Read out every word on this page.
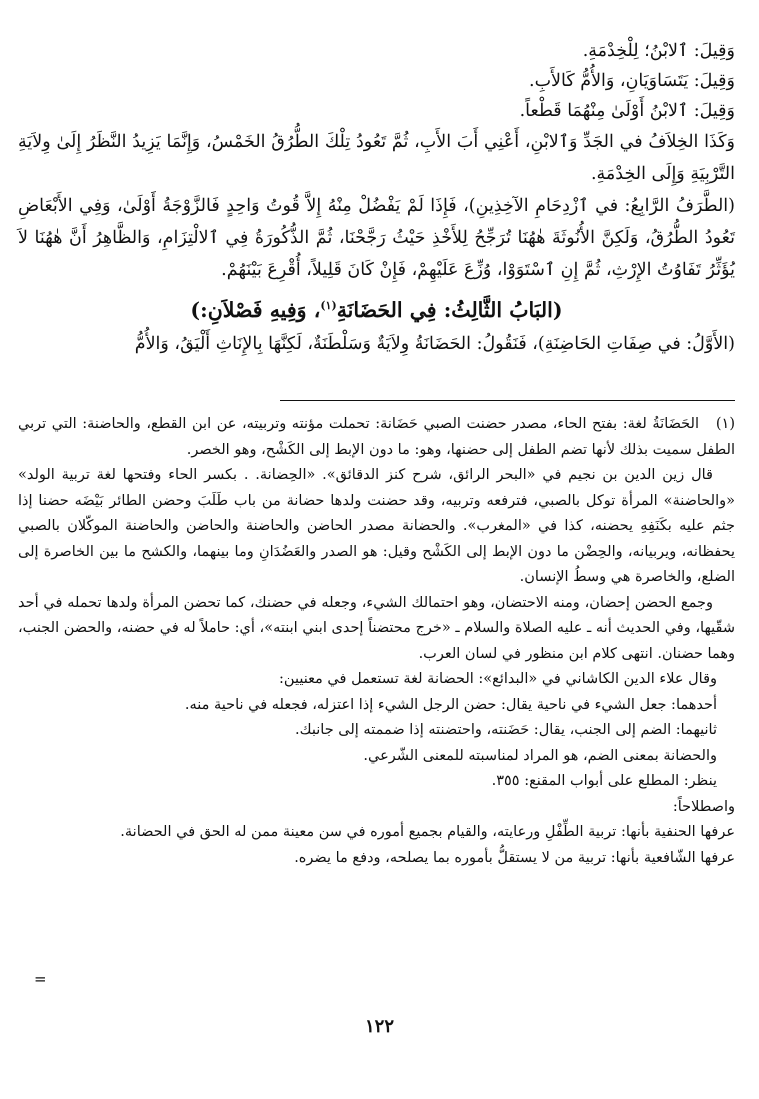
وَقِيلَ: ٱلابْنُ؛ لِلْخِدْمَةِ.

وَقِيلَ: يَتَسَاوَيَانِ، وَالأُمُّ كَالأَبِ.

وَقِيلَ: ٱلابْنُ أَوْلَىٰ مِنْهُمَا قَطْعاً.

وَكَذَا الخِلاَفُ في الجَدِّ وَٱلابْنِ، أَعْنِي أَبَ الأَبِ، ثُمَّ تَعُودُ تِلْكَ الطُّرُقُ الخَمْسُ، وَإِنَّمَا يَزِيدُ النَّظَرُ إِلَىٰ وِلاَيَةِ التَّرْبِيَةِ وَإِلَى الخِدْمَةِ.

(الطَّرَفُ الرَّابِعُ: في ٱزْدِحَامِ الآخِذِينِ)، فَإِذَا لَمْ يَفْضُلْ مِنْهُ إِلاَّ قُوتُ وَاحِدٍ فَالزَّوْجَةُ أَوْلَىٰ، وَفِي الأَبْعَاضِ تَعُودُ الطُّرُقُ، وَلَكِنَّ الأُنُوثَةَ هٰهُنَا تُرَجِّحُ لِلأَخْذِ حَيْثُ رَجَّحْنَا، ثُمَّ الذُّكُورَةُ فِي ٱلالْتِزَامِ، وَالظَّاهِرُ أَنَّ هٰهُنَا لاَ يُؤَثِّرُ تَفَاوُتُ الإِرْثِ، ثُمَّ إِنِ ٱسْتَوَوْا، وُزِّعَ عَلَيْهِمْ، فَإِنْ كَانَ قَلِيلاً، أُقْرِعَ بَيْنَهُمْ.

(البَابُ الثَّالِثُ: فِي الحَضَانَةِ$^{(١)}$، وَفِيهِ فَصْلاَنِ:)

(الأَوَّلُ: في صِفَاتِ الحَاضِنَةِ)، فَنَقُولُ: الحَضَانَةُ وِلاَيَةٌ وَسَلْطَنَةٌ، لَكِنَّهَا بِالإِنَاثِ أَلْيَقُ، وَالأُمُّ

(١)
الحَضَانَةُ لغة: بفتح الحاء، مصدر حضنت الصبي حَضَانة: تحملت مؤنته وتربيته، عن ابن القطع، والحاضنة: التي تربي الطفل سميت بذلك لأنها تضم الطفل إلى حضنها، وهو: ما دون الإبط إلى الكَشْح، وهو الخصر.

قال زين الدين بن نجيم في «البحر الرائق، شرح كنز الدقائق». «الحِضانة. . بكسر الحاء وفتحها لغة تربية الولد» «والحاضنة» المرأة توكل بالصبي، فترفعه وتربيه، وقد حضنت ولدها حضانة من باب طَلَبَ وحضن الطائر بَيْضَه حضنا إذا جثم عليه بكَنَفِهِ يحضنه، كذا في «المغرب». والحضانة مصدر الحاضن والحاضنة والحاضن والحاضنة الموكّلان بالصبي يحفظانه، ويربيانه، والحِضْن ما دون الإبط إلى الكَشْح وقيل: هو الصدر والعَضُدَانِ وما بينهما، والكشح ما بين الخاصرة إلى الضلع، والخاصرة هي وسطُ الإنسان.

وجمع الحضن إحضان، ومنه الاحتضان، وهو احتمالك الشيء، وجعله في حضنك، كما تحضن المرأة ولدها تحمله في أحد شقّيها، وفي الحديث أنه ـ عليه الصلاة والسلام ـ «خرج محتضناً إحدى ابني ابنته»، أي: حاملاً له في حضنه، والحضن الجنب، وهما حضنان. انتهى كلام ابن منظور في لسان العرب.

وقال علاء الدين الكاشاني في «البدائع»: الحضانة لغة تستعمل في معنيين:

أحدهما: جعل الشيء في ناحية يقال: حضن الرجل الشيء إذا اعتزله، فجعله في ناحية منه.

ثانيهما: الضم إلى الجنب، يقال: حَضَنته، واحتضنته إذا ضممته إلى جانبك.

والحضانة بمعنى الضم، هو المراد لمناسبته للمعنى الشّرعي.

ينظر: المطلع على أبواب المقنع: ٣٥٥.

واصطلاحاً:

عرفها الحنفية بأنها: تربية الطِّفْلِ ورعايته، والقيام بجميع أموره في سن معينة ممن له الحق في الحضانة.

عرفها الشّافعية بأنها: تربية من لا يستقلُّ بأموره بما يصلحه، ودفع ما يضره.

=
١٢٢
